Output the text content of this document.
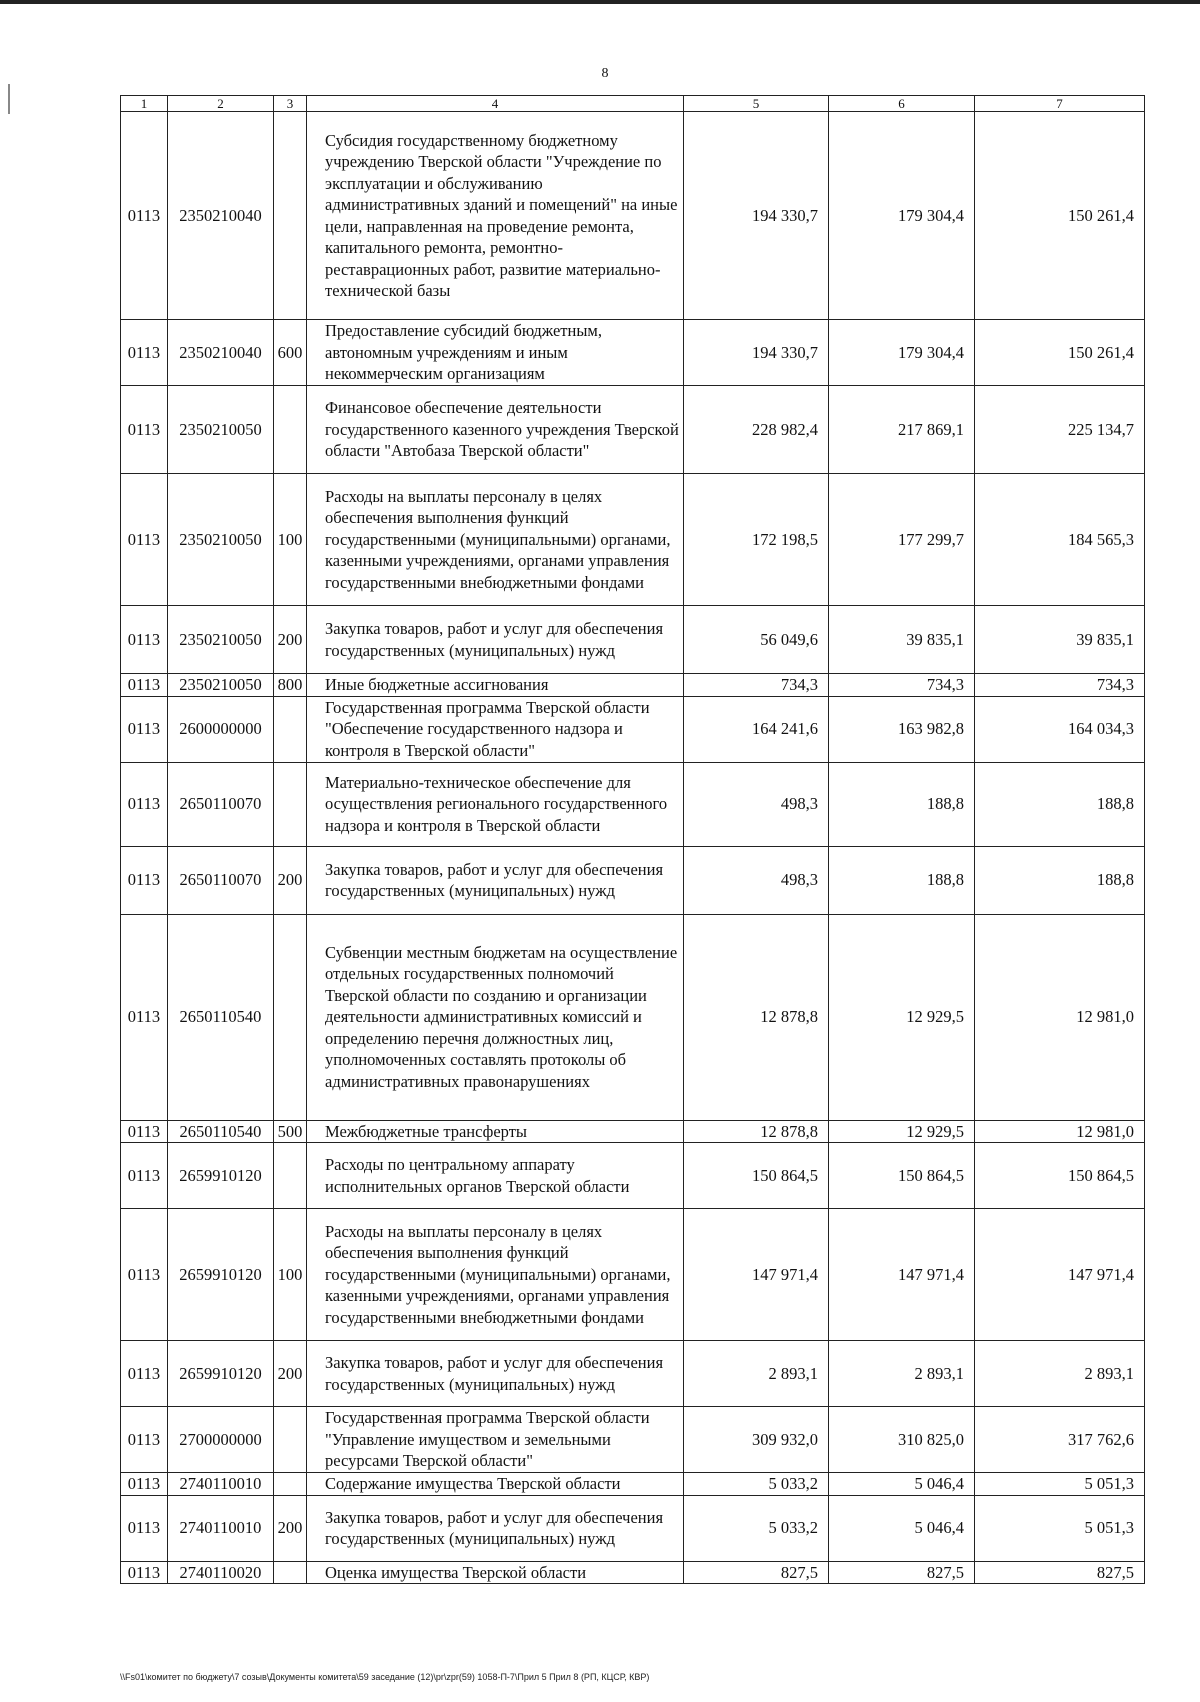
8
1	2	3	4	5	6	7
0113	2350210040		Субсидия государственному бюджетному учреждению Тверской области "Учреждение по эксплуатации и обслуживанию административных зданий и помещений" на иные цели, направленная на проведение ремонта, капитального ремонта, ремонтно-реставрационных работ, развитие материально-технической базы	194 330,7	179 304,4	150 261,4
0113	2350210040	600	Предоставление субсидий бюджетным, автономным учреждениям и иным некоммерческим организациям	194 330,7	179 304,4	150 261,4
0113	2350210050		Финансовое обеспечение деятельности государственного казенного учреждения Тверской области "Автобаза Тверской области"	228 982,4	217 869,1	225 134,7
0113	2350210050	100	Расходы на выплаты персоналу в целях обеспечения выполнения функций государственными (муниципальными) органами, казенными учреждениями, органами управления государственными внебюджетными фондами	172 198,5	177 299,7	184 565,3
0113	2350210050	200	Закупка товаров, работ и услуг для обеспечения государственных (муниципальных) нужд	56 049,6	39 835,1	39 835,1
0113	2350210050	800	Иные бюджетные ассигнования	734,3	734,3	734,3
0113	2600000000		Государственная программа Тверской области "Обеспечение государственного надзора и контроля в Тверской области"	164 241,6	163 982,8	164 034,3
0113	2650110070		Материально-техническое обеспечение для осуществления регионального государственного надзора и контроля в Тверской области	498,3	188,8	188,8
0113	2650110070	200	Закупка товаров, работ и услуг для обеспечения государственных (муниципальных) нужд	498,3	188,8	188,8
0113	2650110540		Субвенции местным бюджетам на осуществление отдельных государственных полномочий Тверской области по созданию и организации деятельности административных комиссий и определению перечня должностных лиц, уполномоченных составлять протоколы об административных правонарушениях	12 878,8	12 929,5	12 981,0
0113	2650110540	500	Межбюджетные трансферты	12 878,8	12 929,5	12 981,0
0113	2659910120		Расходы по центральному аппарату исполнительных органов Тверской области	150 864,5	150 864,5	150 864,5
0113	2659910120	100	Расходы на выплаты персоналу в целях обеспечения выполнения функций государственными (муниципальными) органами, казенными учреждениями, органами управления государственными внебюджетными фондами	147 971,4	147 971,4	147 971,4
0113	2659910120	200	Закупка товаров, работ и услуг для обеспечения государственных (муниципальных) нужд	2 893,1	2 893,1	2 893,1
0113	2700000000		Государственная программа Тверской области "Управление имуществом и земельными ресурсами Тверской области"	309 932,0	310 825,0	317 762,6
0113	2740110010		Содержание имущества Тверской области	5 033,2	5 046,4	5 051,3
0113	2740110010	200	Закупка товаров, работ и услуг для обеспечения государственных (муниципальных) нужд	5 033,2	5 046,4	5 051,3
0113	2740110020		Оценка имущества Тверской области	827,5	827,5	827,5
\\Fs01\комитет по бюджету\7 созыв\Документы комитета\59 заседание (12)\pr\zpr(59) 1058-П-7\Прил 5 Прил 8 (РП, КЦСР, КВР)
